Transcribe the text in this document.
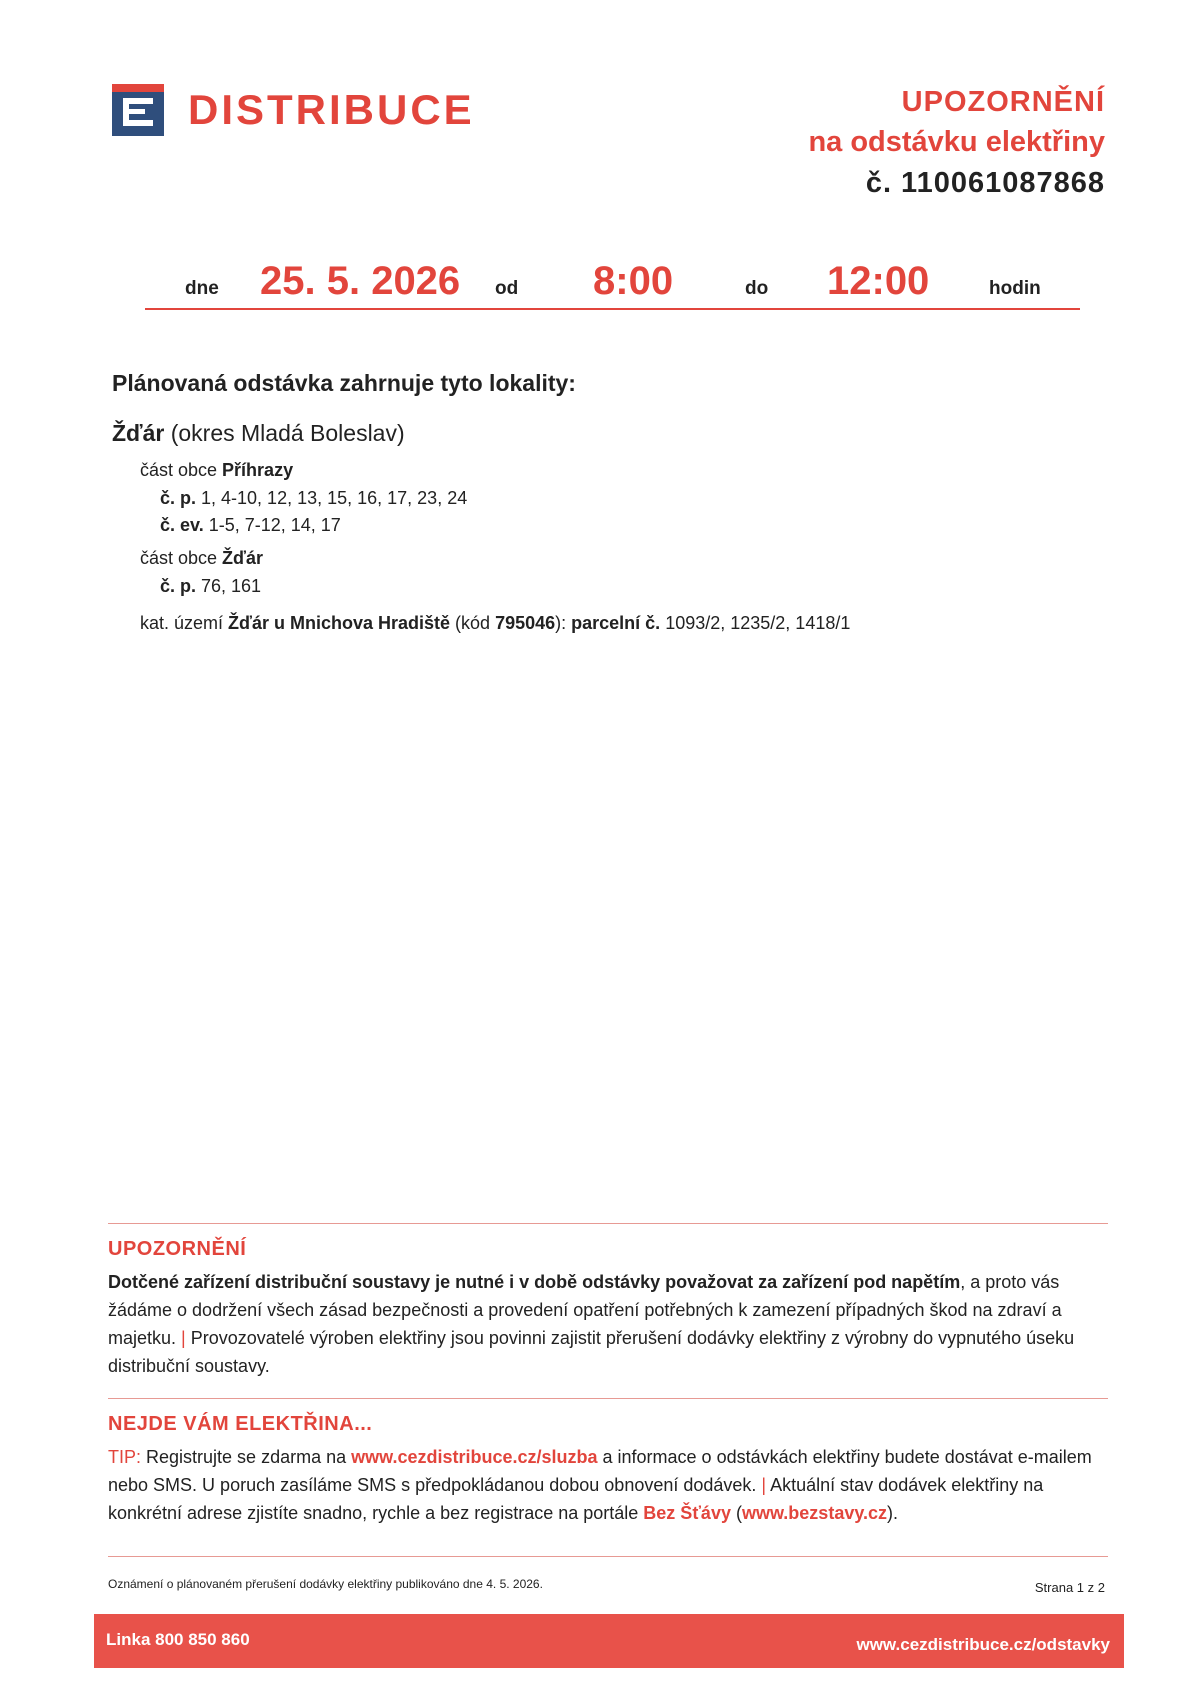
DISTRIBUCE	UPOZORNĚNÍ
na odstávku elektřiny
č. 110061087868
dne 25. 5. 2026 od 8:00	do 12:00	hodin
Plánovaná odstávka zahrnuje tyto lokality:
Žďár (okres Mladá Boleslav)
část obce Příhrazy
č. p. 1, 4-10, 12, 13, 15, 16, 17, 23, 24
č. ev. 1-5, 7-12, 14, 17
část obce Žďár
č. p. 76, 161
kat. území Žďár u Mnichova Hradiště (kód 795046): parcelní č. 1093/2, 1235/2, 1418/1
UPOZORNĚNÍ
Dotčené zařízení distribuční soustavy je nutné i v době odstávky považovat za zařízení pod napětím, a proto vás žádáme o dodržení všech zásad bezpečnosti a provedení opatření potřebných k zamezení případných škod na zdraví a majetku. | Provozovatelé výroben elektřiny jsou povinni zajistit přerušení dodávky elektřiny z výrobny do vypnutého úseku distribuční soustavy.
NEJDE VÁM ELEKTŘINA...
TIP: Registrujte se zdarma na www.cezdistribuce.cz/sluzba a informace o odstávkách elektřiny budete dostávat e-mailem nebo SMS. U poruch zasíláme SMS s předpokládanou dobou obnovení dodávek. | Aktuální stav dodávek elektřiny na konkrétní adrese zjistíte snadno, rychle a bez registrace na portále Bez Šťávy (www.bezstavy.cz).
Oznámení o plánovaném přerušení dodávky elektřiny publikováno dne 4. 5. 2026.	Strana 1 z 2
Linka 800 850 860	www.cezdistribuce.cz/odstavky
